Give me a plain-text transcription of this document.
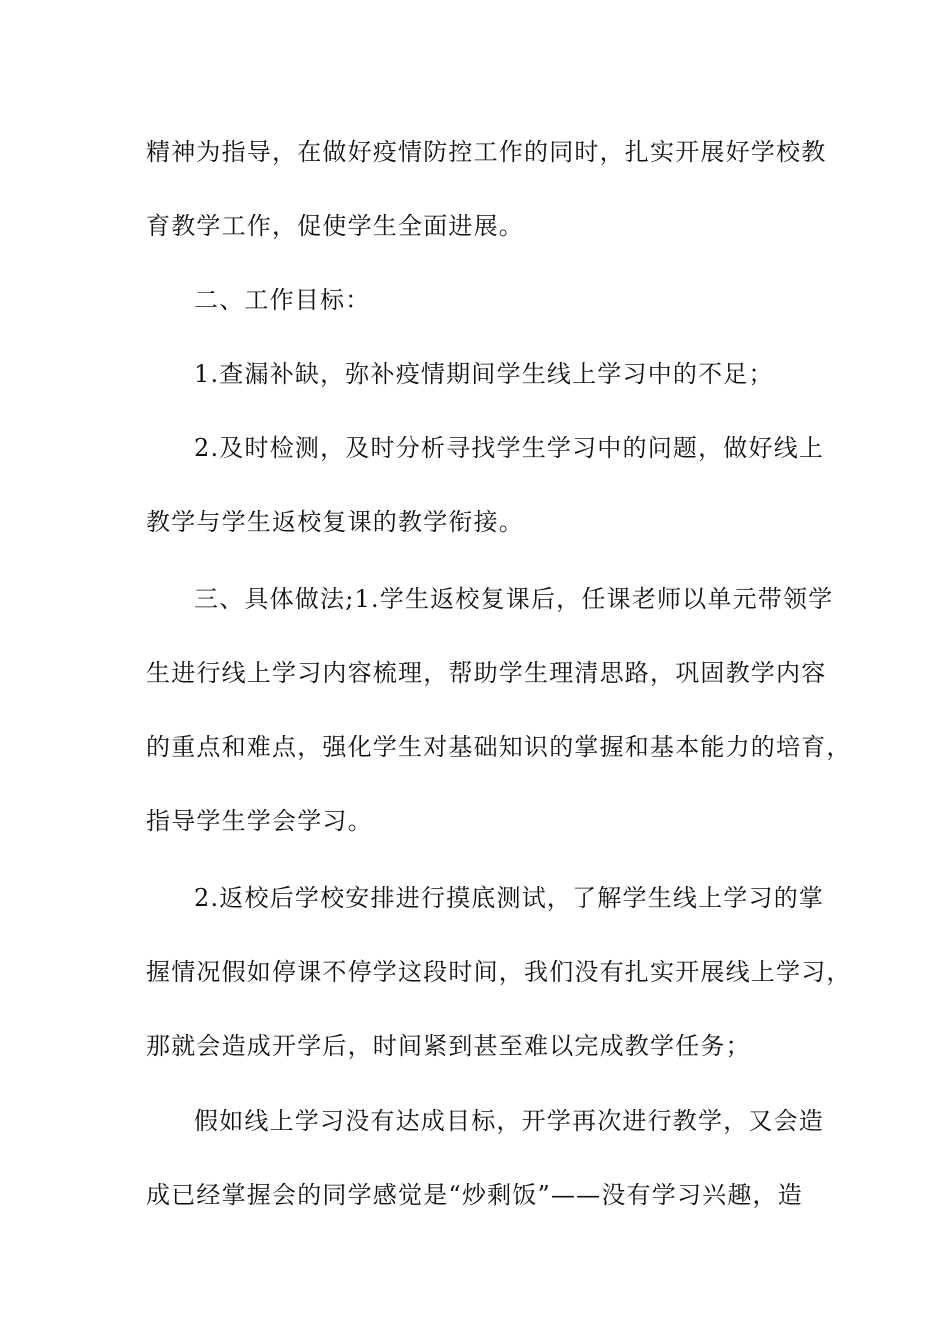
精神为指导，在做好疫情防控工作的同时，扎实开展好学校教
育教学工作，促使学生全面进展。
二、工作目标：
1.查漏补缺，弥补疫情期间学生线上学习中的不足；
2.及时检测，及时分析寻找学生学习中的问题，做好线上
教学与学生返校复课的教学衔接。
三、具体做法;1.学生返校复课后，任课老师以单元带领学
生进行线上学习内容梳理，帮助学生理清思路，巩固教学内容
的重点和难点，强化学生对基础知识的掌握和基本能力的培育，
指导学生学会学习。
2.返校后学校安排进行摸底测试，了解学生线上学习的掌
握情况假如停课不停学这段时间，我们没有扎实开展线上学习，
那就会造成开学后，时间紧到甚至难以完成教学任务；
假如线上学习没有达成目标，开学再次进行教学，又会造
成已经掌握会的同学感觉是“炒剩饭”——没有学习兴趣，造
